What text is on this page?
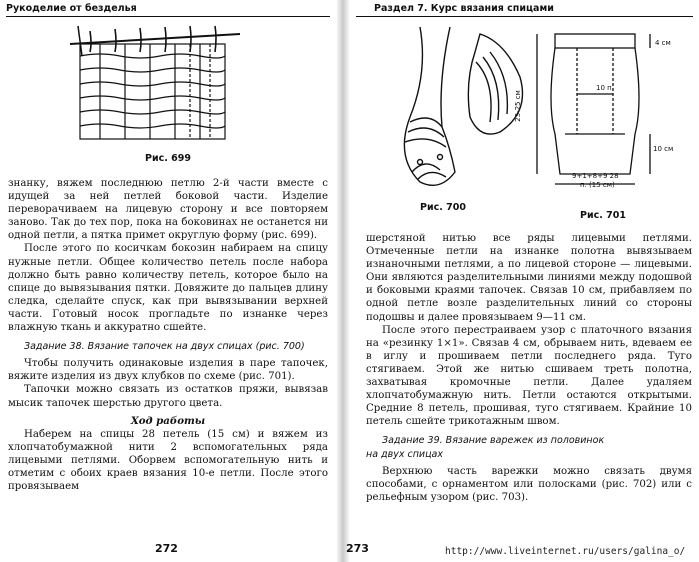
Рукоделие от безделья
Рис. 699

знанку, вяжем последнюю петлю 2-й части вместе с идущей за ней петлей боковой части. Изделие переворачиваем на лицевую сторону и все повторяем заново. Так до тех пор, пока на боковинах не останется ни одной петли, а пятка примет округлую форму (рис. 699).

После этого по косичкам бокозин набираем на спицу нужные петли. Общее количество петель после набора должно быть равно количеству петель, которое было на спице до вывязывания пятки. Довяжите до пальцев длину следка, сделайте спуск, как при вывязывании верхней части. Готовый носок прогладьте по изнанке через влажную ткань и аккуратно сшейте.

Задание 38. Вязание тапочек на двух спицах (рис. 700)

Чтобы получить одинаковые изделия в паре тапочек, вяжите изделия из двух клубков по схеме (рис. 701).

Тапочки можно связать из остатков пряжи, вывязав мысик тапочек шерстью другого цвета.

Ход работы

Наберем на спицы 28 петель (15 см) и вяжем из хлопчатобумажной нити 2 вспомогательных ряда лицевыми петлями. Оборвем вспомогательную нить и отметим с обоих краев вязания 10-е петли. После этого провязываем

272
Раздел 7. Курс вязания спицами
Рис. 700
4 см
23-25 см
10 п.
10 см
9+1+8+9 28
п. (15 см)
Рис. 701

шерстяной нитью все ряды лицевыми петлями. Отмеченные петли на изнанке полотна вывязываем изнаночными петлями, а по лицевой стороне — лицевыми. Они являются разделительными линиями между подошвой и боковыми краями тапочек. Связав 10 см, прибавляем по одной петле возле разделительных линий со стороны подошвы и далее провязываем 9—11 см.

После этого перестраиваем узор с платочного вязания на «резинку 1×1». Связав 4 см, обрываем нить, вдеваем ее в иглу и прошиваем петли последнего ряда. Туго стягиваем. Этой же нитью сшиваем треть полотна, захватывая кромочные петли. Далее удаляем хлопчатобумажную нить. Петли остаются открытыми. Средние 8 петель, прошивая, туго стягиваем. Крайние 10 петель сшейте трикотажным швом.

Задание 39. Вязание варежек из половинок
на двух спицах

Верхнюю часть варежки можно связать двумя способами, с орнаментом или полосками (рис. 702) или с рельефным узором (рис. 703).

273	http://www.liveinternet.ru/users/galina_o/
